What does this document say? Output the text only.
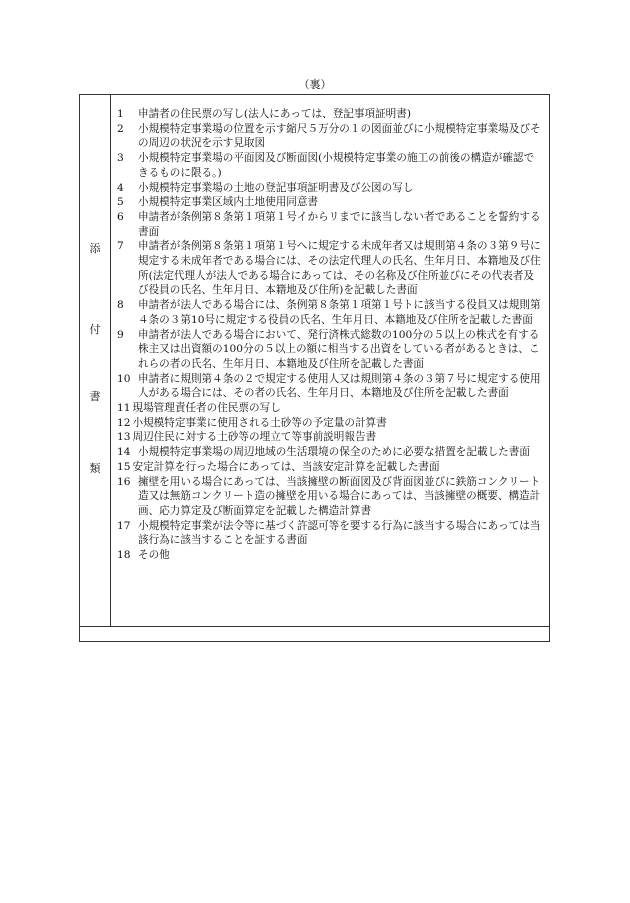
（裏）
添
付
書
類
1	申請者の住民票の写し(法人にあっては、登記事項証明書)
2	小規模特定事業場の位置を示す縮尺５万分の１の図面並びに小規模特定事業場及びその周辺の状況を示す見取図
3	小規模特定事業場の平面図及び断面図(小規模特定事業の施工の前後の構造が確認できるものに限る。)
4	小規模特定事業場の土地の登記事項証明書及び公図の写し
5	小規模特定事業区域内土地使用同意書
6	申請者が条例第８条第１項第１号イからリまでに該当しない者であることを誓約する書面
7	申請者が条例第８条第１項第１号へに規定する未成年者又は規則第４条の３第９号に規定する未成年者である場合には、その法定代理人の氏名、生年月日、本籍地及び住所(法定代理人が法人である場合にあっては、その名称及び住所並びにその代表者及び役員の氏名、生年月日、本籍地及び住所)を記載した書面
8	申請者が法人である場合には、条例第８条第１項第１号トに該当する役員又は規則第４条の３第10号に規定する役員の氏名、生年月日、本籍地及び住所を記載した書面
9	申請者が法人である場合において、発行済株式総数の100分の５以上の株式を有する株主又は出資額の100分の５以上の額に相当する出資をしている者があるときは、これらの者の氏名、生年月日、本籍地及び住所を記載した書面
10 申請者に規則第４条の２で規定する使用人又は規則第４条の３第７号に規定する使用人がある場合には、その者の氏名、生年月日、本籍地及び住所を記載した書面
11 現場管理責任者の住民票の写し
12 小規模特定事業に使用される土砂等の予定量の計算書
13 周辺住民に対する土砂等の埋立て等事前説明報告書
14 小規模特定事業場の周辺地域の生活環境の保全のために必要な措置を記載した書面
15 安定計算を行った場合にあっては、当該安定計算を記載した書面
16 擁壁を用いる場合にあっては、当該擁壁の断面図及び背面図並びに鉄筋コンクリート造又は無筋コンクリート造の擁壁を用いる場合にあっては、当該擁壁の概要、構造計画、応力算定及び断面算定を記載した構造計算書
17 小規模特定事業が法令等に基づく許認可等を要する行為に該当する場合にあっては当該行為に該当することを証する書面
18 その他
